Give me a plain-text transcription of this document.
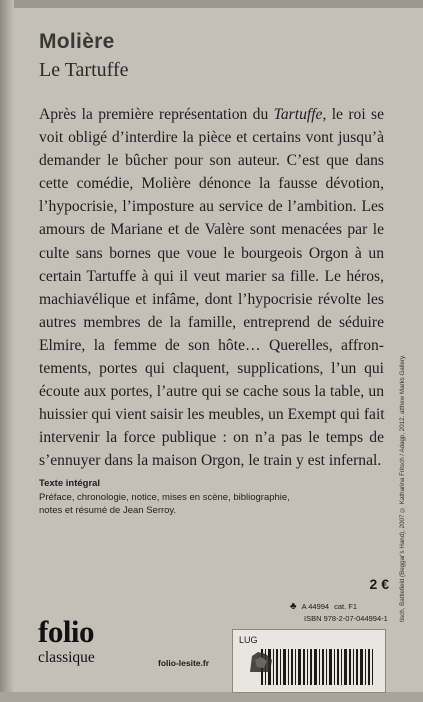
Molière
Le Tartuffe
Après la première représentation du Tartuffe, le roi se
voit obligé d’interdire la pièce et certains vont jusqu’à
demander le bûcher pour son auteur. C’est que dans
cette comédie, Molière dénonce la fausse dévotion,
l’hypocrisie, l’imposture au service de l’ambition. Les
amours de Mariane et de Valère sont menacées par le
culte sans bornes que voue le bourgeois Orgon à un
certain Tartuffe à qui il veut marier sa fille. Le héros,
machiavélique et infâme, dont l’hypocrisie révolte les
autres membres de la famille, entreprend de séduire
Elmire, la femme de son hôte… Querelles, affron-
tements, portes qui claquent, supplications, l’un qui
écoute aux portes, l’autre qui se cache sous la table, un
huissier qui vient saisir les meubles, un Exempt qui fait
intervenir la force publique : on n’a pas le temps de
s’ennuyer dans la maison Orgon, le train y est infernal.
Texte intégral
Préface, chronologie, notice, mises en scène, bibliographie,
notes et résumé de Jean Serroy.	tisch, Battlefield (Beggar’s Hand), 2007 © Katharina Fritsch / Adagp, 2012. atthew Marks Gallery.
2 €
♣ A 44994 cat. F1
ISBN 978-2-07-044994-1
folio
classique	folio-lesite.fr
LUG
